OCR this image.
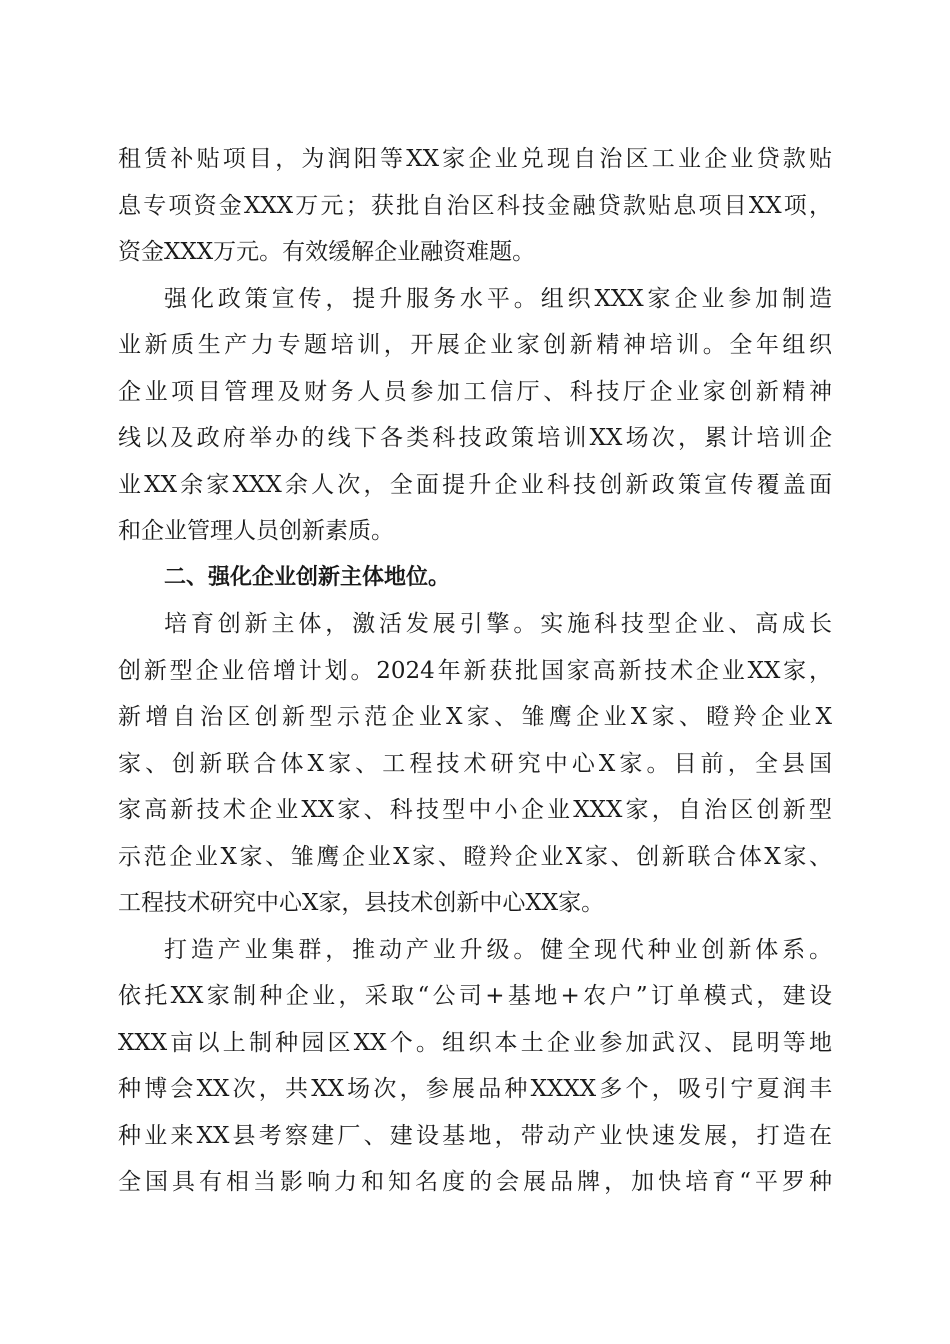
租赁补贴项目，为润阳等XX家企业兑现自治区工业企业贷款贴
息专项资金XXX万元；获批自治区科技金融贷款贴息项目XX项，
资金XXX万元。有效缓解企业融资难题。
强化政策宣传，提升服务水平。组织XXX家企业参加制造
业新质生产力专题培训，开展企业家创新精神培训。全年组织
企业项目管理及财务人员参加工信厅、科技厅企业家创新精神
线以及政府举办的线下各类科技政策培训XX场次，累计培训企
业XX余家XXX余人次，全面提升企业科技创新政策宣传覆盖面
和企业管理人员创新素质。
二、强化企业创新主体地位。
培育创新主体，激活发展引擎。实施科技型企业、高成长
创新型企业倍增计划。2024年新获批国家高新技术企业XX家，
新增自治区创新型示范企业X家、雏鹰企业X家、瞪羚企业X
家、创新联合体X家、工程技术研究中心X家。目前，全县国
家高新技术企业XX家、科技型中小企业XXX家，自治区创新型
示范企业X家、雏鹰企业X家、瞪羚企业X家、创新联合体X家、
工程技术研究中心X家，县技术创新中心XX家。
打造产业集群，推动产业升级。健全现代种业创新体系。
依托XX家制种企业，采取“公司+基地+农户”订单模式，建设
XXX亩以上制种园区XX个。组织本土企业参加武汉、昆明等地
种博会XX次，共XX场次，参展品种XXXX多个，吸引宁夏润丰
种业来XX县考察建厂、建设基地，带动产业快速发展，打造在
全国具有相当影响力和知名度的会展品牌，加快培育“平罗种
